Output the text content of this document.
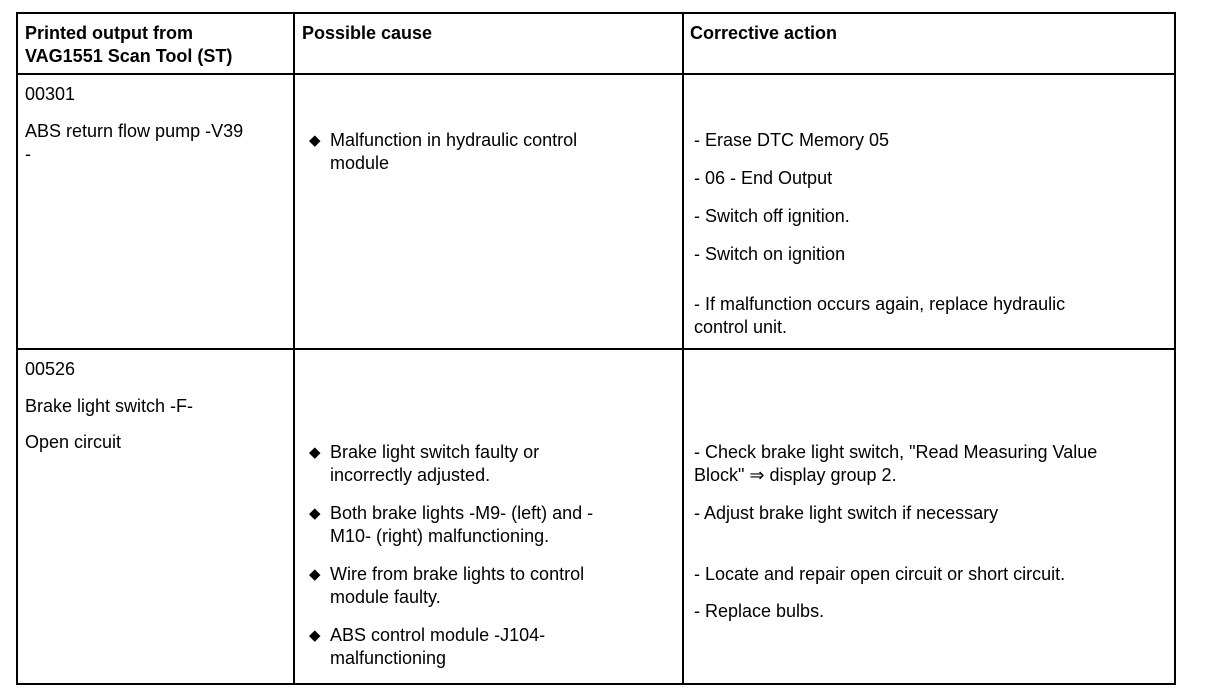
Printed output from
VAG1551 Scan Tool (ST)
Possible cause	Corrective action
00301
ABS return flow pump -V39
-
◆ Malfunction in hydraulic control
module
- Erase DTC Memory 05
- 06 - End Output
- Switch off ignition.
- Switch on ignition
- If malfunction occurs again, replace hydraulic
control unit.
00526
Brake light switch -F-
Open circuit
◆ Brake light switch faulty or
incorrectly adjusted.
◆ Both brake lights -M9- (left) and -
M10- (right) malfunctioning.
◆ Wire from brake lights to control
module faulty.
◆ ABS control module -J104-
malfunctioning
- Check brake light switch, "Read Measuring Value
Block" ⇒ display group 2.
- Adjust brake light switch if necessary
- Locate and repair open circuit or short circuit.
- Replace bulbs.
